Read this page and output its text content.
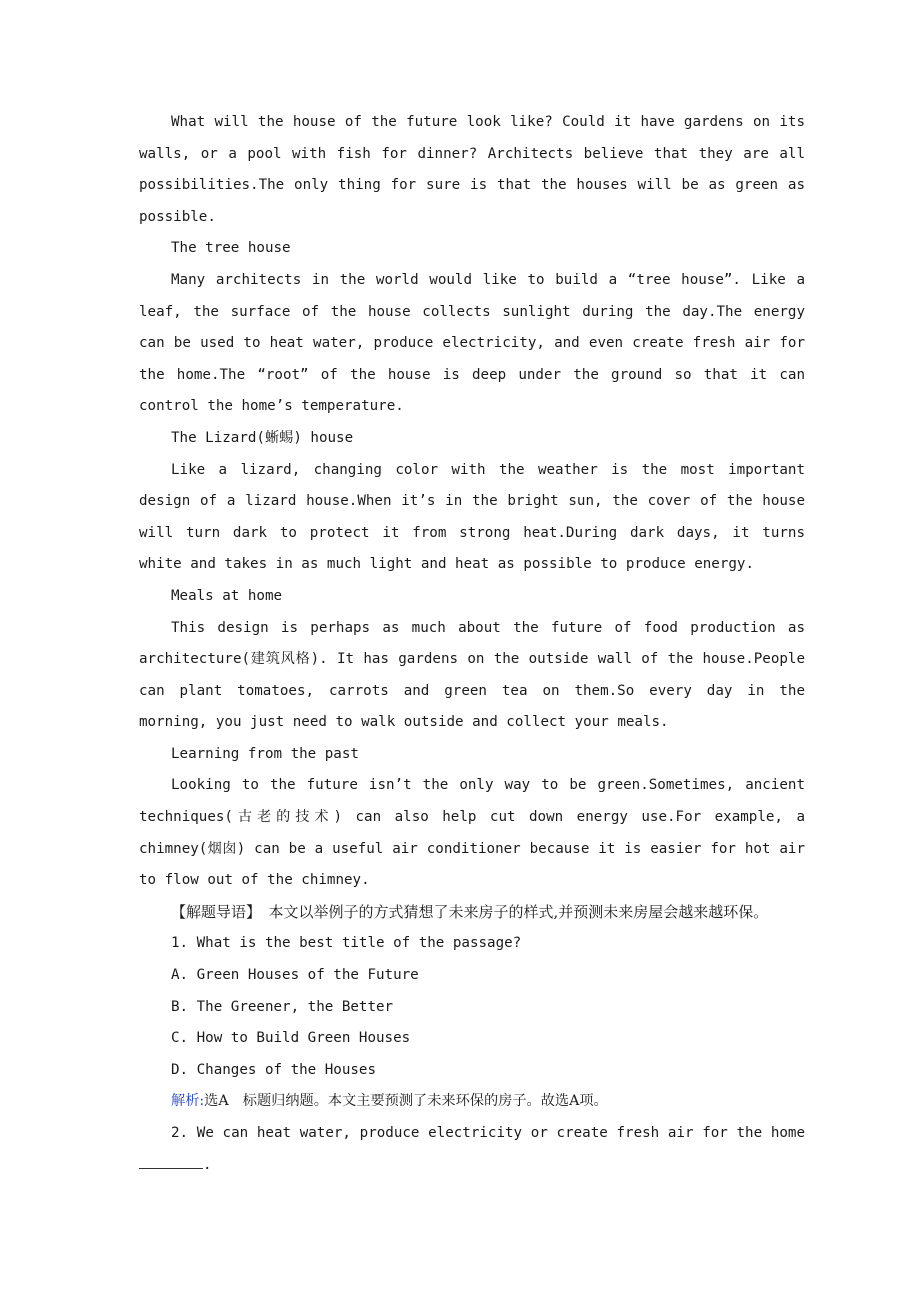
What will the house of the future look like? Could it have gardens on its walls, or a pool with fish for dinner? Architects believe that they are all possibilities.The only thing for sure is that the houses will be as green as possible.

The tree house

Many architects in the world would like to build a “tree house”. Like a leaf, the surface of the house collects sunlight during the day.The energy can be used to heat water, produce electricity, and even create fresh air for the home.The “root” of the house is deep under the ground so that it can control the home’s temperature.

The Lizard(蜥蜴) house

Like a lizard, changing color with the weather is the most important design of a lizard house.When it’s in the bright sun, the cover of the house will turn dark to protect it from strong heat.During dark days, it turns white and takes in as much light and heat as possible to produce energy.

Meals at home

This design is perhaps as much about the future of food production as architecture(建筑风格). It has gardens on the outside wall of the house.People can plant tomatoes, carrots and green tea on them.So every day in the morning, you just need to walk outside and collect your meals.

Learning from the past

Looking to the future isn’t the only way to be green.Sometimes, ancient techniques(古老的技术) can also help cut down energy use.For example, a chimney(烟囱) can be a useful air conditioner because it is easier for hot air to flow out of the chimney.

【解题导语】　 本文以举例子的方式猜想了未来房子的样式,并预测未来房屋会越来越环保。

1. What is the best title of the passage?

A. Green Houses of the Future

B. The Greener, the Better

C. How to Build Green Houses

D. Changes of the Houses

解析:选A　标题归纳题。本文主要预测了未来环保的房子。故选A项。

2. We can heat water, produce electricity or create fresh air for the home .
